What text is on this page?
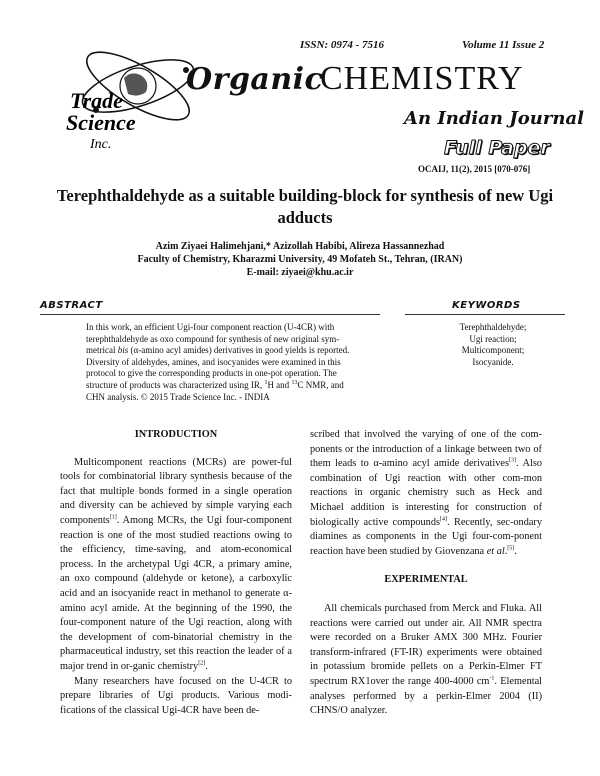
ISSN: 0974 - 7516	Volume 11 Issue 2
Trade
Science
Inc.
Organic
CHEMISTRY
An Indian Journal
Full Paper
OCAIJ, 11(2), 2015 [070-076]
Terephthaldehyde as a suitable building-block for synthesis of new Ugi adducts
Azim Ziyaei Halimehjani,* Azizollah Habibi, Alireza Hassannezhad
Faculty of Chemistry, Kharazmi University, 49 Mofateh St., Tehran, (IRAN)
E-mail: ziyaei@khu.ac.ir
ABSTRACT	KEYWORDS
In this work, an efficient Ugi-four component reaction (U-4CR) with
terephthaldehyde as oxo compound for synthesis of new original sym-
metrical bis (α-amino acyl amides) derivatives in good yields is reported.
Diversity of aldehydes, amines, and isocyanides were examined in this
protocol to give the corresponding products in one-pot operation. The
structure of products was characterized using IR, $^1$H and $^{13}$C NMR, and
CHN analysis. © 2015 Trade Science Inc. - INDIA
Terephthaldehyde;
Ugi reaction;
Multicomponent;
Isocyanide.

INTRODUCTION

Multicomponent reactions (MCRs) are power-ful tools for combinatorial library synthesis because of the fact that multiple bonds formed in a single operation and diversity can be achieved by simple varying each components[1]. Among MCRs, the Ugi four-component reaction is one of the most studied reactions owing to the efficiency, time-saving, and atom-economical process. In the archetypal Ugi 4CR, a primary amine, an oxo compound (aldehyde or ketone), a carboxylic acid and an isocyanide react in methanol to generate α-amino acyl amide. At the beginning of the 1990, the four-component nature of the Ugi reaction, along with the development of com-binatorial chemistry in the pharmaceutical industry, set this reaction the leader of a major trend in or-ganic chemistry[2].

Many researchers have focused on the U-4CR to prepare libraries of Ugi products. Various modi-fications of the classical Ugi-4CR have been de-

scribed that involved the varying of one of the com-ponents or the introduction of a linkage between two of them leads to α-amino acyl amide derivatives[3]. Also combination of Ugi reaction with other com-mon reactions in organic chemistry such as Heck and Michael addition is interesting for construction of biologically active compounds[4]. Recently, sec-ondary diamines as components in the Ugi four-com-ponent reaction have been studied by Giovenzana et al.[5].

EXPERIMENTAL

All chemicals purchased from Merck and Fluka. All reactions were carried out under air. All NMR spectra were recorded on a Bruker AMX 300 MHz. Fourier transform-infrared (FT-IR) experiments were obtained in potassium bromide pellets on a Perkin-Elmer FT spectrum RX1over the range 400-4000 $cm^{-1}$. Elemental analyses performed by a perkin-Elmer 2004 (II) CHNS/O analyzer.
